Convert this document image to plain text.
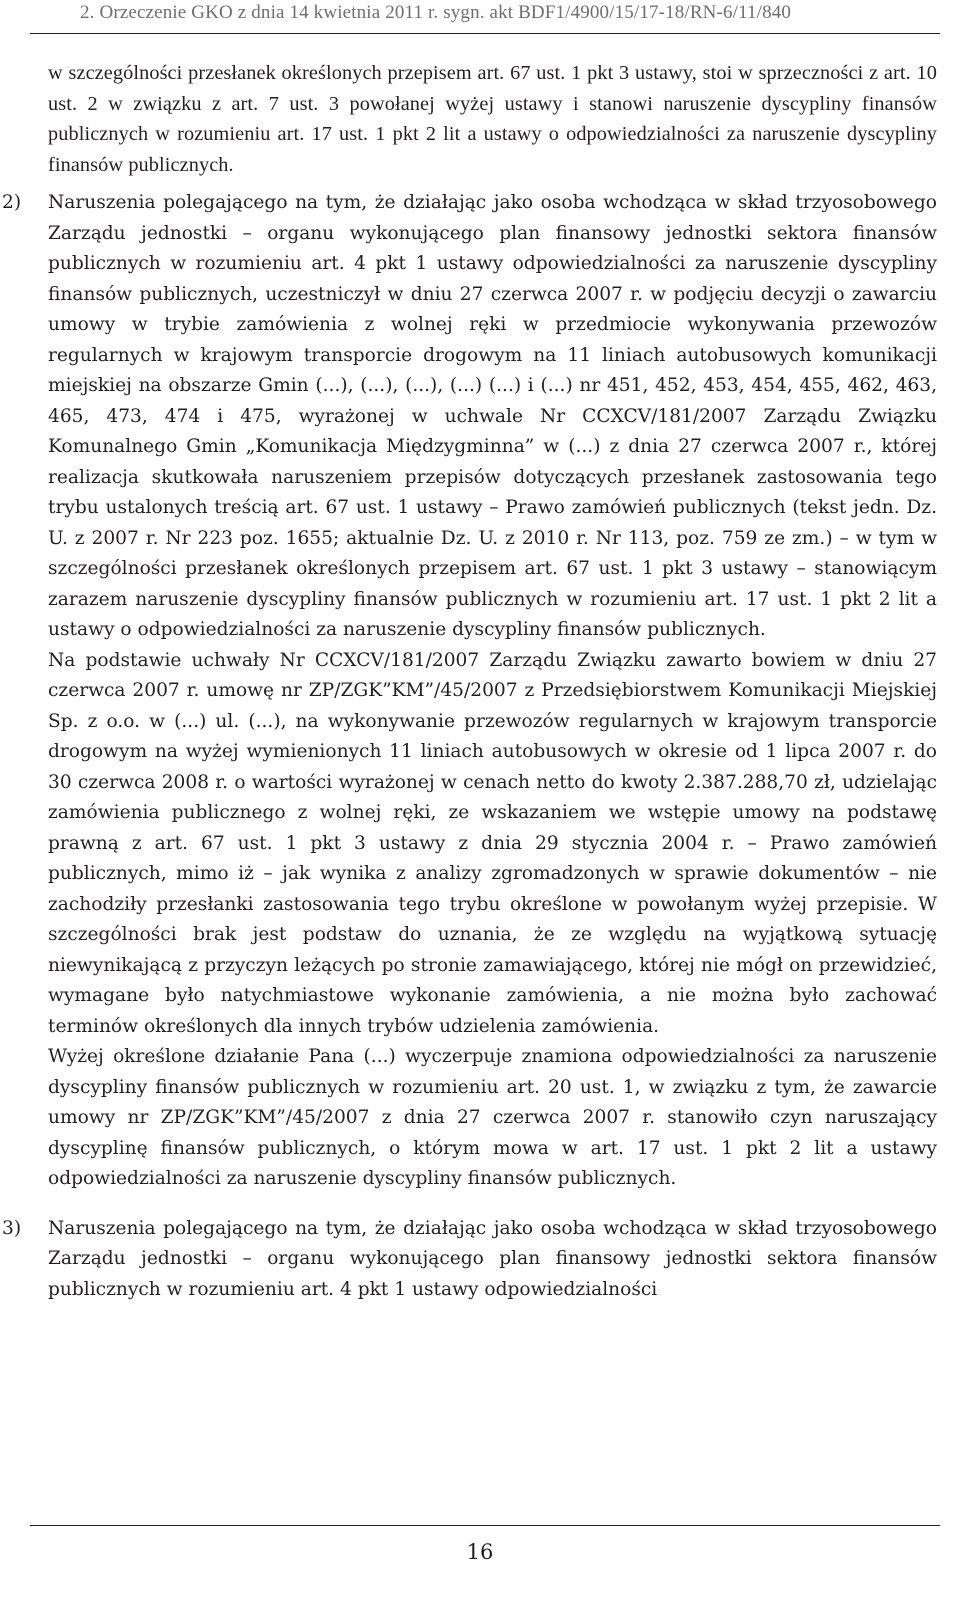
2. Orzeczenie GKO z dnia 14 kwietnia 2011 r. sygn. akt BDF1/4900/15/17-18/RN-6/11/840

w szczególności przesłanek określonych przepisem art. 67 ust. 1 pkt 3 ustawy, stoi w sprzeczności z art. 10 ust. 2 w związku z art. 7 ust. 3 powołanej wyżej ustawy i stanowi naruszenie dyscypliny finansów publicznych w rozumieniu art. 17 ust. 1 pkt 2 lit a ustawy o odpowiedzialności za naruszenie dyscypliny finansów publicznych.

2) Naruszenia polegającego na tym, że działając jako osoba wchodząca w skład trzyosobowego Zarządu jednostki – organu wykonującego plan finansowy jednostki sektora finansów publicznych w rozumieniu art. 4 pkt 1 ustawy odpowiedzialności za naruszenie dyscypliny finansów publicznych, uczestniczył w dniu 27 czerwca 2007 r. w podjęciu decyzji o zawarciu umowy w trybie zamówienia z wolnej ręki w przedmiocie wykonywania przewozów regularnych w krajowym transporcie drogowym na 11 liniach autobusowych komunikacji miejskiej na obszarze Gmin (...), (...), (...), (...) (...) i (...) nr 451, 452, 453, 454, 455, 462, 463, 465, 473, 474 i 475, wyrażonej w uchwale Nr CCXCV/181/2007 Zarządu Związku Komunalnego Gmin „Komunikacja Międzygminna” w (...) z dnia 27 czerwca 2007 r., której realizacja skutkowała naruszeniem przepisów dotyczących przesłanek zastosowania tego trybu ustalonych treścią art. 67 ust. 1 ustawy – Prawo zamówień publicznych (tekst jedn. Dz. U. z 2007 r. Nr 223 poz. 1655; aktualnie Dz. U. z 2010 r. Nr 113, poz. 759 ze zm.) – w tym w szczególności przesłanek określonych przepisem art. 67 ust. 1 pkt 3 ustawy – stanowiącym zarazem naruszenie dyscypliny finansów publicznych w rozumieniu art. 17 ust. 1 pkt 2 lit a ustawy o odpowiedzialności za naruszenie dyscypliny finansów publicznych.

Na podstawie uchwały Nr CCXCV/181/2007 Zarządu Związku zawarto bowiem w dniu 27 czerwca 2007 r. umowę nr ZP/ZGK”KM”/45/2007 z Przedsiębiorstwem Komunikacji Miejskiej Sp. z o.o. w (...) ul. (...), na wykonywanie przewozów regularnych w krajowym transporcie drogowym na wyżej wymienionych 11 liniach autobusowych w okresie od 1 lipca 2007 r. do 30 czerwca 2008 r. o wartości wyrażonej w cenach netto do kwoty 2.387.288,70 zł, udzielając zamówienia publicznego z wolnej ręki, ze wskazaniem we wstępie umowy na podstawę prawną z art. 67 ust. 1 pkt 3 ustawy z dnia 29 stycznia 2004 r. – Prawo zamówień publicznych, mimo iż – jak wynika z analizy zgromadzonych w sprawie dokumentów – nie zachodziły przesłanki zastosowania tego trybu określone w powołanym wyżej przepisie. W szczególności brak jest podstaw do uznania, że ze względu na wyjątkową sytuację niewynikającą z przyczyn leżących po stronie zamawiającego, której nie mógł on przewidzieć, wymagane było natychmiastowe wykonanie zamówienia, a nie można było zachować terminów określonych dla innych trybów udzielenia zamówienia.

Wyżej określone działanie Pana (...) wyczerpuje znamiona odpowiedzialności za naruszenie dyscypliny finansów publicznych w rozumieniu art. 20 ust. 1, w związku z tym, że zawarcie umowy nr ZP/ZGK”KM”/45/2007 z dnia 27 czerwca 2007 r. stanowiło czyn naruszający dyscyplinę finansów publicznych, o którym mowa w art. 17 ust. 1 pkt 2 lit a ustawy odpowiedzialności za naruszenie dyscypliny finansów publicznych.

3) Naruszenia polegającego na tym, że działając jako osoba wchodząca w skład trzyosobowego Zarządu jednostki – organu wykonującego plan finansowy jednostki sektora finansów publicznych w rozumieniu art. 4 pkt 1 ustawy odpowiedzialności

16
